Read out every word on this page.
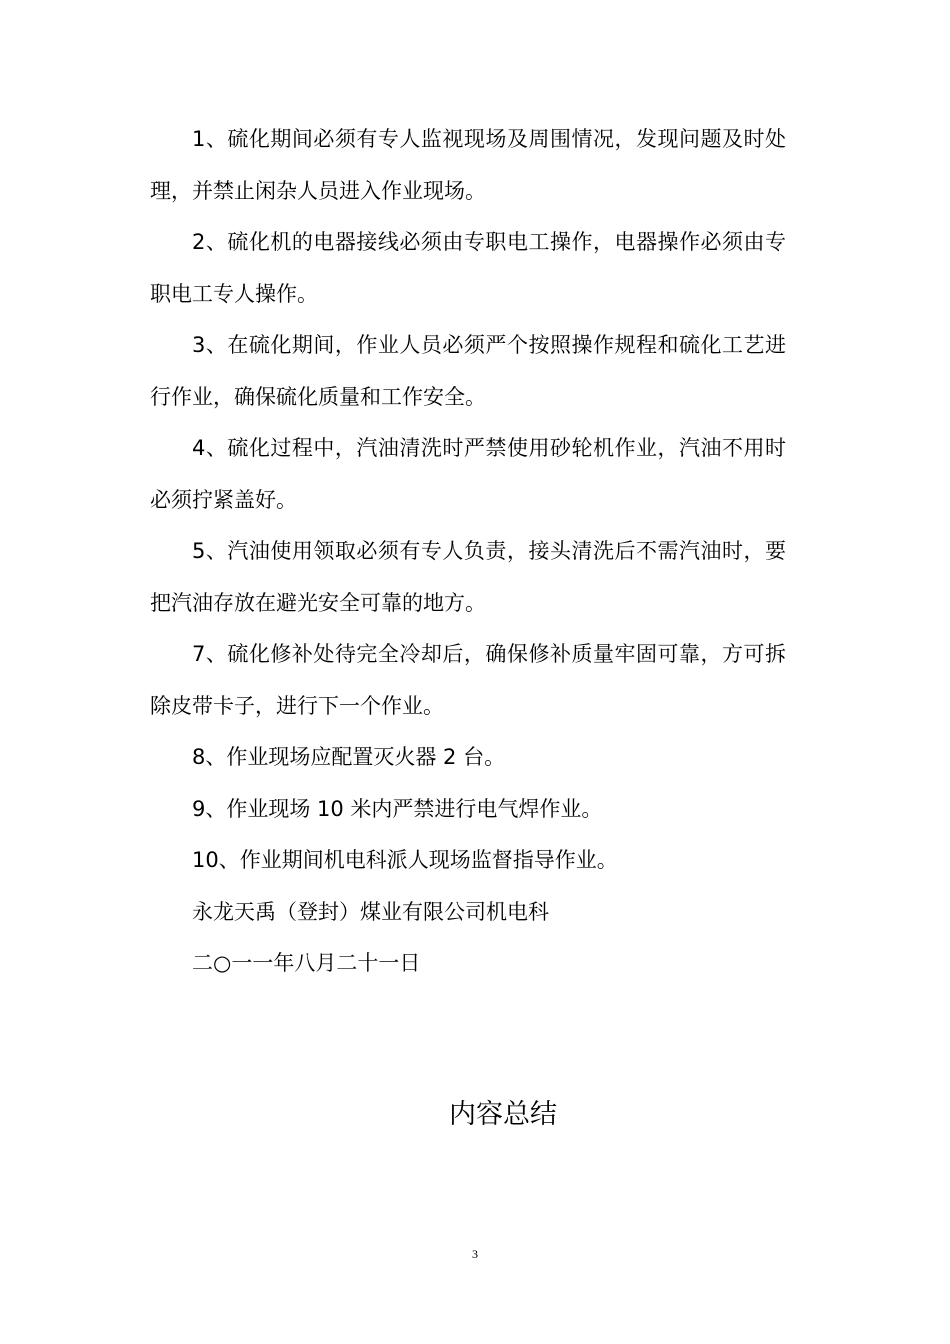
1、硫化期间必须有专人监视现场及周围情况，发现问题及时处理，并禁止闲杂人员进入作业现场。

2、硫化机的电器接线必须由专职电工操作，电器操作必须由专职电工专人操作。

3、在硫化期间，作业人员必须严个按照操作规程和硫化工艺进行作业，确保硫化质量和工作安全。

4、硫化过程中，汽油清洗时严禁使用砂轮机作业，汽油不用时必须拧紧盖好。

5、汽油使用领取必须有专人负责，接头清洗后不需汽油时，要把汽油存放在避光安全可靠的地方。

7、硫化修补处待完全冷却后，确保修补质量牢固可靠，方可拆除皮带卡子，进行下一个作业。

8、作业现场应配置灭火器 2 台。

9、作业现场 10 米内严禁进行电气焊作业。

10、作业期间机电科派人现场监督指导作业。

永龙天禹（登封）煤业有限公司机电科

二○一一年八月二十一日

内容总结
3
